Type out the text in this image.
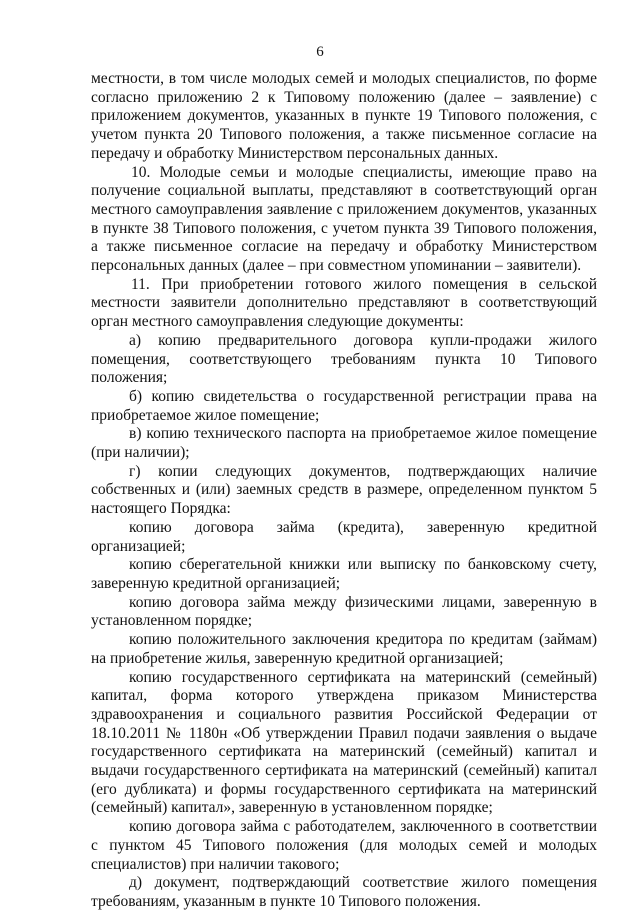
6

местности, в том числе молодых семей и молодых специалистов, по форме согласно приложению 2 к Типовому положению (далее – заявление) с приложением документов, указанных в пункте 19 Типового положения, с учетом пункта 20 Типового положения, а также письменное согласие на передачу и обработку Министерством персональных данных.

10. Молодые семьи и молодые специалисты, имеющие право на получение социальной выплаты, представляют в соответствующий орган местного самоуправления заявление с приложением документов, указанных в пункте 38 Типового положения, с учетом пункта 39 Типового положения, а также письменное согласие на передачу и обработку Министерством персональных данных (далее – при совместном упоминании – заявители).

11. При приобретении готового жилого помещения в сельской местности заявители дополнительно представляют в соответствующий орган местного самоуправления следующие документы:

а) копию предварительного договора купли-продажи жилого помещения, соответствующего требованиям пункта 10 Типового положения;

б) копию свидетельства о государственной регистрации права на приобретаемое жилое помещение;

в) копию технического паспорта на приобретаемое жилое помещение (при наличии);

г) копии следующих документов, подтверждающих наличие собственных и (или) заемных средств в размере, определенном пунктом 5 настоящего Порядка:

копию договора займа (кредита), заверенную кредитной организацией;

копию сберегательной книжки или выписку по банковскому счету, заверенную кредитной организацией;

копию договора займа между физическими лицами, заверенную в установленном порядке;

копию положительного заключения кредитора по кредитам (займам) на приобретение жилья, заверенную кредитной организацией;

копию государственного сертификата на материнский (семейный) капитал, форма которого утверждена приказом Министерства здравоохранения и социального развития Российской Федерации от 18.10.2011 № 1180н «Об утверждении Правил подачи заявления о выдаче государственного сертификата на материнский (семейный) капитал и выдачи государственного сертификата на материнский (семейный) капитал (его дубликата) и формы государственного сертификата на материнский (семейный) капитал», заверенную в установленном порядке;

копию договора займа с работодателем, заключенного в соответствии с пунктом 45 Типового положения (для молодых семей и молодых специалистов) при наличии такового;

д) документ, подтверждающий соответствие жилого помещения требованиям, указанным в пункте 10 Типового положения.
